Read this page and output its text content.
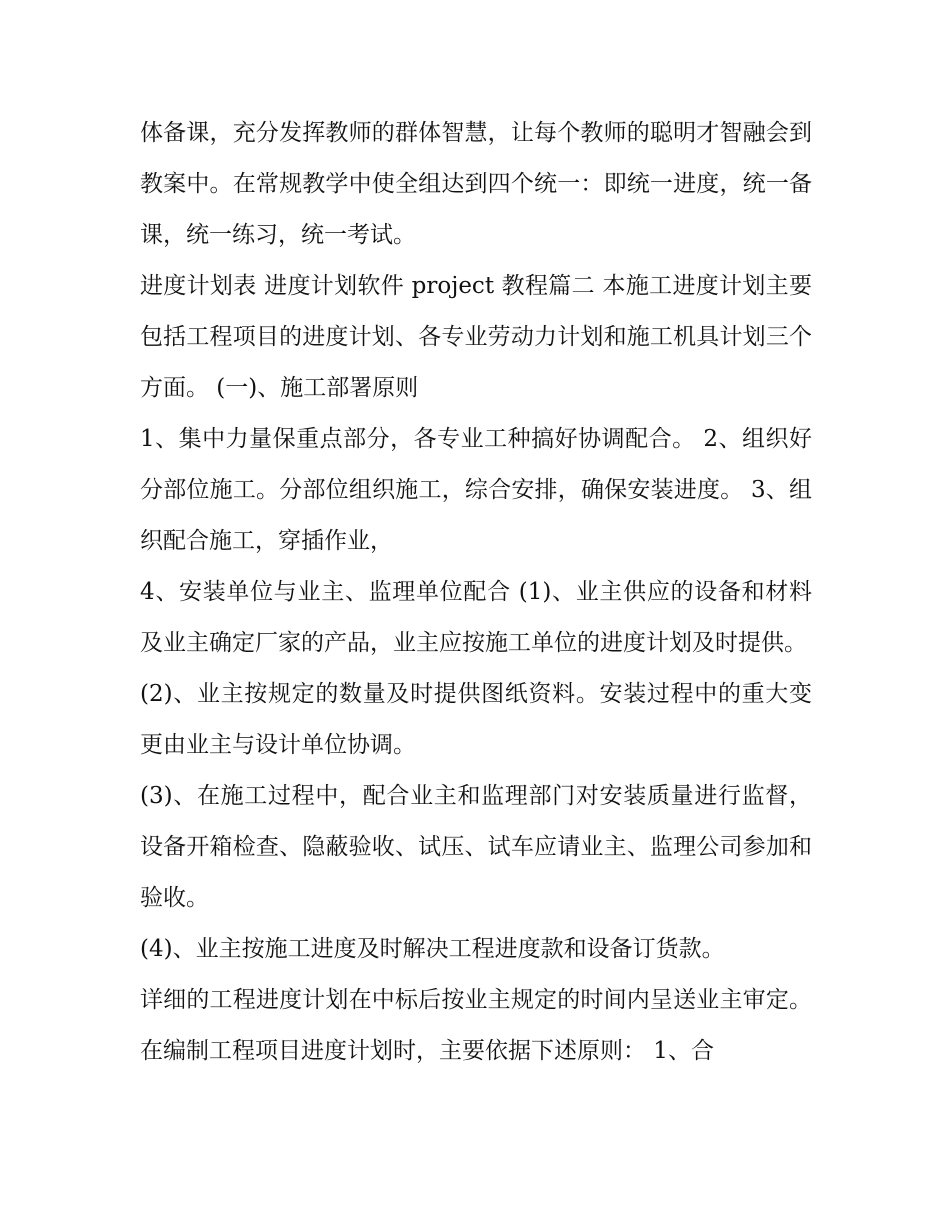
体备课，充分发挥教师的群体智慧，让每个教师的聪明才智融会到教案中。在常规教学中使全组达到四个统一：即统一进度，统一备课，统一练习，统一考试。

进度计划表 进度计划软件 project 教程篇二 本施工进度计划主要包括工程项目的进度计划、各专业劳动力计划和施工机具计划三个方面。 (一)、施工部署原则

1、集中力量保重点部分，各专业工种搞好协调配合。 2、组织好分部位施工。分部位组织施工，综合安排，确保安装进度。 3、组织配合施工，穿插作业，

4、安装单位与业主、监理单位配合 (1)、业主供应的设备和材料及业主确定厂家的产品，业主应按施工单位的进度计划及时提供。

(2)、业主按规定的数量及时提供图纸资料。安装过程中的重大变更由业主与设计单位协调。

(3)、在施工过程中，配合业主和监理部门对安装质量进行监督，设备开箱检查、隐蔽验收、试压、试车应请业主、监理公司参加和验收。

(4)、业主按施工进度及时解决工程进度款和设备订货款。

详细的工程进度计划在中标后按业主规定的时间内呈送业主审定。在编制工程项目进度计划时，主要依据下述原则： 1、合
